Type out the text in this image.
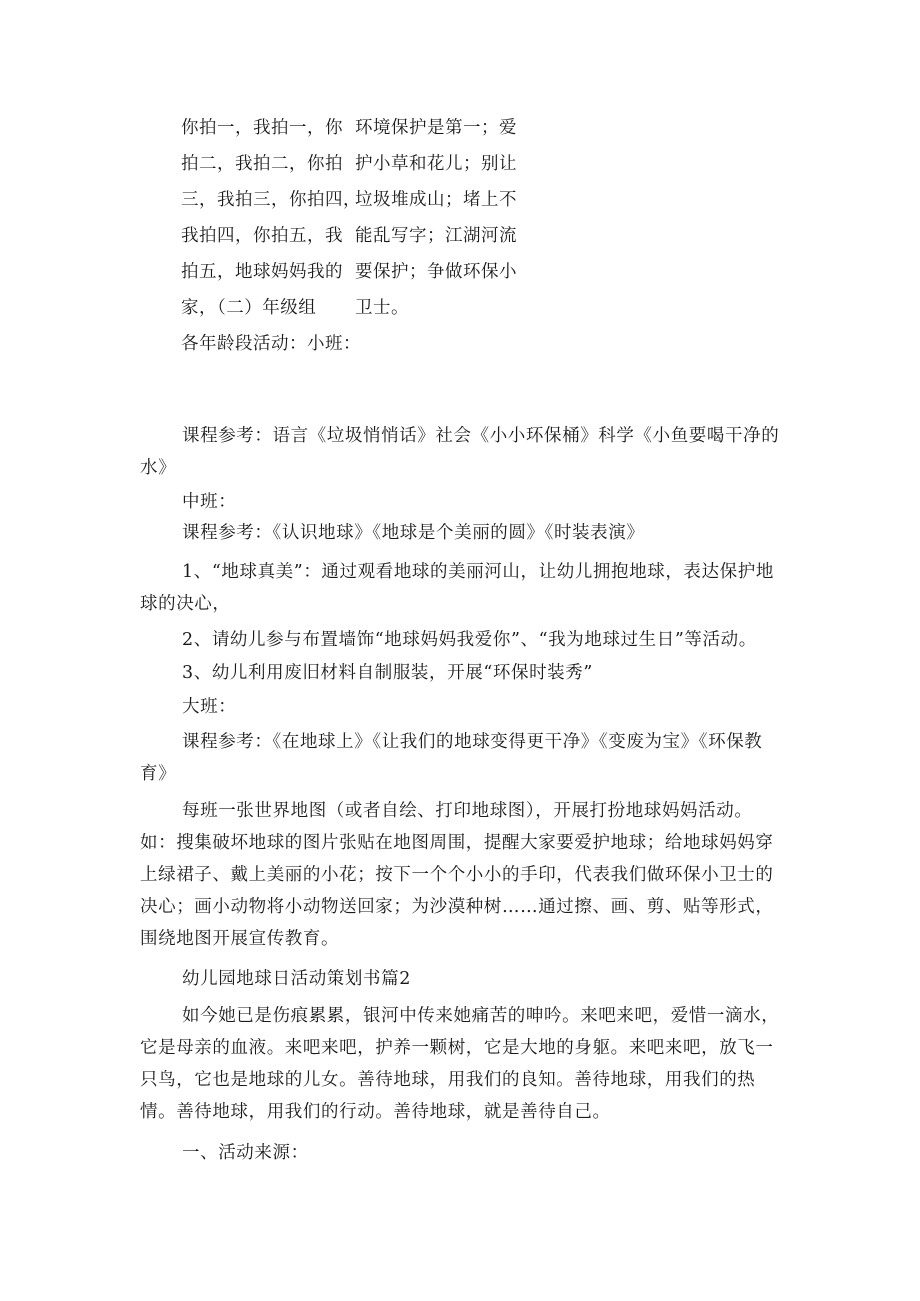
你拍一，我拍一，你
拍二，我拍二，你拍
三，我拍三，你拍四，
我拍四，你拍五，我
拍五，地球妈妈我的
家，（二）年级组
各年龄段活动：小班：
环境保护是第一；爱
护小草和花儿；别让
垃圾堆成山；堵上不
能乱写字；江湖河流
要保护；争做环保小
卫士。

课程参考：语言《垃圾悄悄话》社会《小小环保桶》科学《小鱼要喝干净的水》

中班：

课程参考：《认识地球》《地球是个美丽的圆》《时装表演》

1、“地球真美”：通过观看地球的美丽河山，让幼儿拥抱地球，表达保护地球的决心，

2、请幼儿参与布置墙饰“地球妈妈我爱你”、“我为地球过生日”等活动。

3、幼儿利用废旧材料自制服装，开展“环保时装秀”

大班：

课程参考：《在地球上》《让我们的地球变得更干净》《变废为宝》《环保教育》

每班一张世界地图（或者自绘、打印地球图），开展打扮地球妈妈活动。如：搜集破坏地球的图片张贴在地图周围，提醒大家要爱护地球；给地球妈妈穿上绿裙子、戴上美丽的小花；按下一个个小小的手印，代表我们做环保小卫士的决心；画小动物将小动物送回家；为沙漠种树……通过擦、画、剪、贴等形式，围绕地图开展宣传教育。

幼儿园地球日活动策划书篇2

如今她已是伤痕累累，银河中传来她痛苦的呻吟。来吧来吧，爱惜一滴水，它是母亲的血液。来吧来吧，护养一颗树，它是大地的身躯。来吧来吧，放飞一只鸟，它也是地球的儿女。善待地球，用我们的良知。善待地球，用我们的热情。善待地球，用我们的行动。善待地球，就是善待自己。

一、活动来源：
